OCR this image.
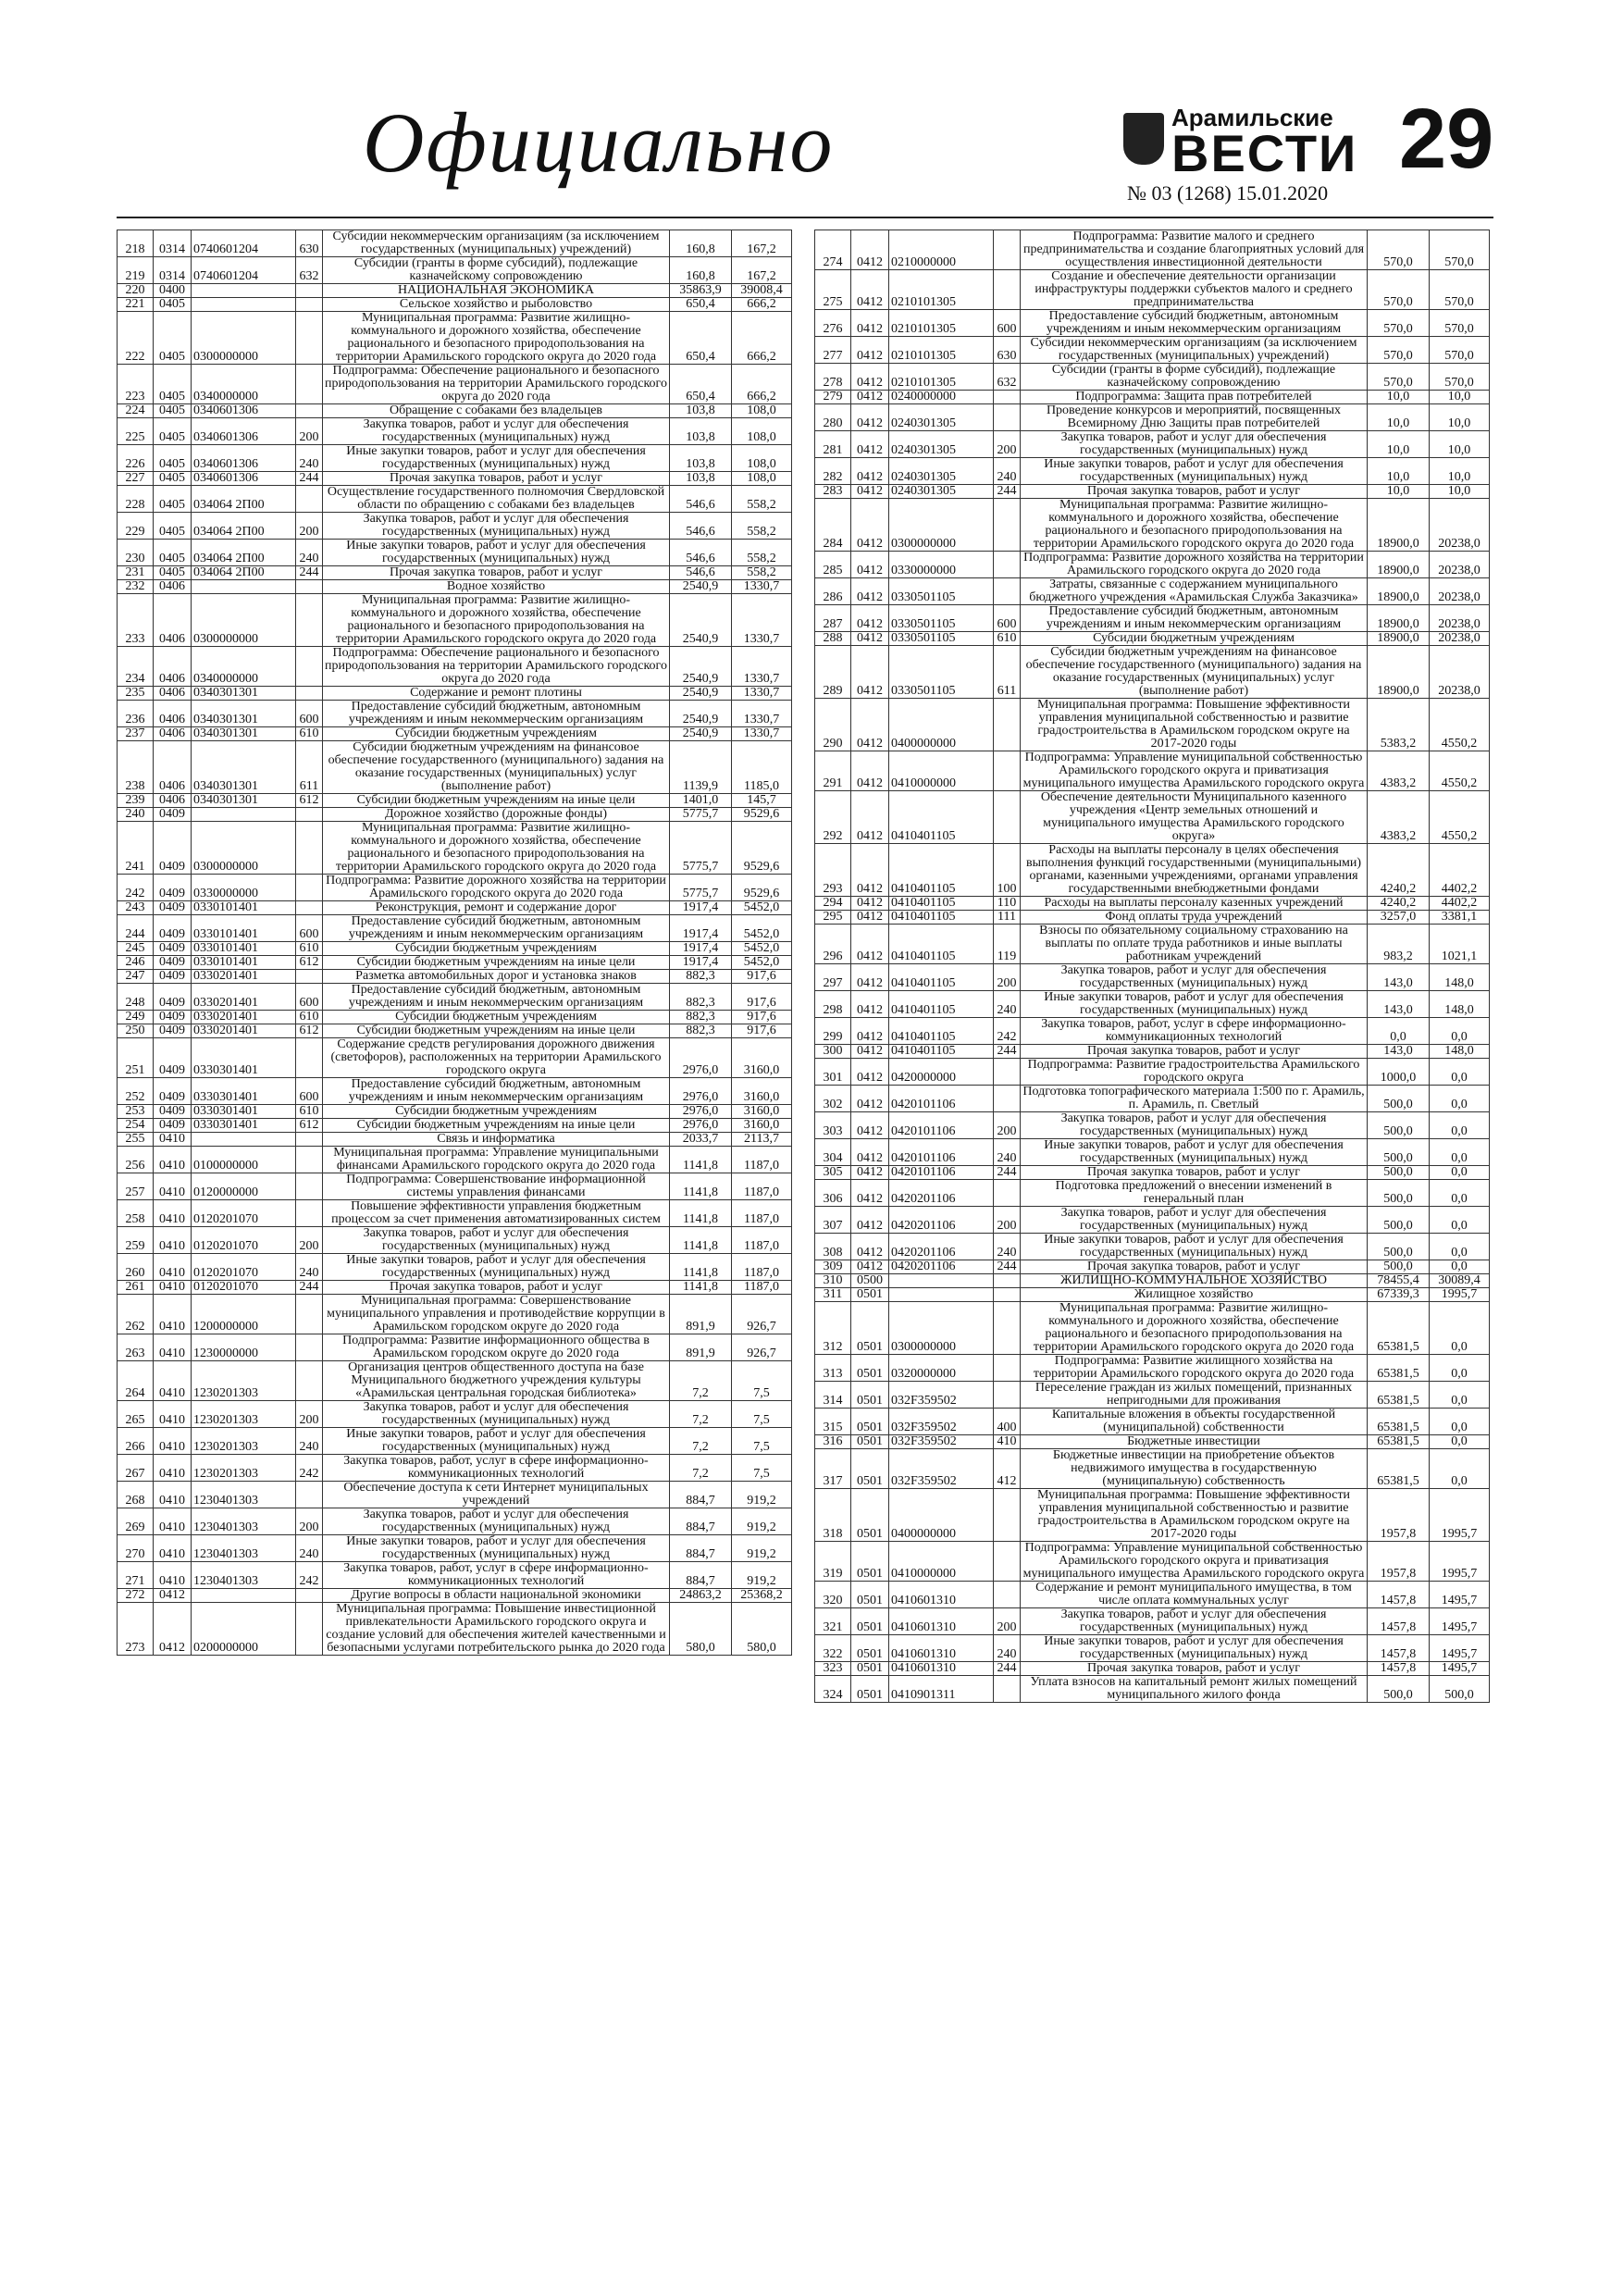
Официально	Арамильские
ВЕСТИ 29
№ 03 (1268) 15.01.2020
218	0314	0740601204	630	Субсидии некоммерческим организациям (за исключением государственных (муниципальных) учреждений)	160,8	167,2
219	0314	0740601204	632	Субсидии (гранты в форме субсидий), подлежащие казначейскому сопровождению	160,8	167,2
220	0400			НАЦИОНАЛЬНАЯ ЭКОНОМИКА	35863,9	39008,4
221	0405			Сельское хозяйство и рыболовство	650,4	666,2
222	0405	0300000000		Муниципальная программа: Развитие жилищно-коммунального и дорожного хозяйства, обеспечение рационального и безопасного природопользования на территории Арамильского городского округа до 2020 года	650,4	666,2
223	0405	0340000000		Подпрограмма: Обеспечение рационального и безопасного природопользования на территории Арамильского городского округа до 2020 года	650,4	666,2
224	0405	0340601306		Обращение с собаками без владельцев	103,8	108,0
225	0405	0340601306	200	Закупка товаров, работ и услуг для обеспечения государственных (муниципальных) нужд	103,8	108,0
226	0405	0340601306	240	Иные закупки товаров, работ и услуг для обеспечения государственных (муниципальных) нужд	103,8	108,0
227	0405	0340601306	244	Прочая закупка товаров, работ и услуг	103,8	108,0
228	0405	034064 2П00		Осуществление государственного полномочия Свердловской области по обращению с собаками без владельцев	546,6	558,2
229	0405	034064 2П00	200	Закупка товаров, работ и услуг для обеспечения государственных (муниципальных) нужд	546,6	558,2
230	0405	034064 2П00	240	Иные закупки товаров, работ и услуг для обеспечения государственных (муниципальных) нужд	546,6	558,2
231	0405	034064 2П00	244	Прочая закупка товаров, работ и услуг	546,6	558,2
232	0406			Водное хозяйство	2540,9	1330,7
233	0406	0300000000		Муниципальная программа: Развитие жилищно-коммунального и дорожного хозяйства, обеспечение рационального и безопасного природопользования на территории Арамильского городского округа до 2020 года	2540,9	1330,7
234	0406	0340000000		Подпрограмма: Обеспечение рационального и безопасного природопользования на территории Арамильского городского округа до 2020 года	2540,9	1330,7
235	0406	0340301301		Содержание и ремонт плотины	2540,9	1330,7
236	0406	0340301301	600	Предоставление субсидий бюджетным, автономным учреждениям и иным некоммерческим организациям	2540,9	1330,7
237	0406	0340301301	610	Субсидии бюджетным учреждениям	2540,9	1330,7
238	0406	0340301301	611	Субсидии бюджетным учреждениям на финансовое обеспечение государственного (муниципального) задания на оказание государственных (муниципальных) услуг (выполнение работ)	1139,9	1185,0
239	0406	0340301301	612	Субсидии бюджетным учреждениям на иные цели	1401,0	145,7
240	0409			Дорожное хозяйство (дорожные фонды)	5775,7	9529,6
241	0409	0300000000		Муниципальная программа: Развитие жилищно-коммунального и дорожного хозяйства, обеспечение рационального и безопасного природопользования на территории Арамильского городского округа до 2020 года	5775,7	9529,6
242	0409	0330000000		Подпрограмма: Развитие дорожного хозяйства на территории Арамильского городского округа до 2020 года	5775,7	9529,6
243	0409	0330101401		Реконструкция, ремонт и содержание дорог	1917,4	5452,0
244	0409	0330101401	600	Предоставление субсидий бюджетным, автономным учреждениям и иным некоммерческим организациям	1917,4	5452,0
245	0409	0330101401	610	Субсидии бюджетным учреждениям	1917,4	5452,0
246	0409	0330101401	612	Субсидии бюджетным учреждениям на иные цели	1917,4	5452,0
247	0409	0330201401		Разметка автомобильных дорог и установка знаков	882,3	917,6
248	0409	0330201401	600	Предоставление субсидий бюджетным, автономным учреждениям и иным некоммерческим организациям	882,3	917,6
249	0409	0330201401	610	Субсидии бюджетным учреждениям	882,3	917,6
250	0409	0330201401	612	Субсидии бюджетным учреждениям на иные цели	882,3	917,6
251	0409	0330301401		Содержание средств регулирования дорожного движения (светофоров), расположенных на территории Арамильского городского округа	2976,0	3160,0
252	0409	0330301401	600	Предоставление субсидий бюджетным, автономным учреждениям и иным некоммерческим организациям	2976,0	3160,0
253	0409	0330301401	610	Субсидии бюджетным учреждениям	2976,0	3160,0
254	0409	0330301401	612	Субсидии бюджетным учреждениям на иные цели	2976,0	3160,0
255	0410			Связь и информатика	2033,7	2113,7
256	0410	0100000000		Муниципальная программа: Управление муниципальными финансами Арамильского городского округа до 2020 года	1141,8	1187,0
257	0410	0120000000		Подпрограмма: Совершенствование информационной системы управления финансами	1141,8	1187,0
258	0410	0120201070		Повышение эффективности управления бюджетным процессом за счет применения автоматизированных систем	1141,8	1187,0
259	0410	0120201070	200	Закупка товаров, работ и услуг для обеспечения государственных (муниципальных) нужд	1141,8	1187,0
260	0410	0120201070	240	Иные закупки товаров, работ и услуг для обеспечения государственных (муниципальных) нужд	1141,8	1187,0
261	0410	0120201070	244	Прочая закупка товаров, работ и услуг	1141,8	1187,0
262	0410	1200000000		Муниципальная программа: Совершенствование муниципального управления и противодействие коррупции в Арамильском городском округе до 2020 года	891,9	926,7
263	0410	1230000000		Подпрограмма: Развитие информационного общества в Арамильском городском округе до 2020 года	891,9	926,7
264	0410	1230201303		Организация центров общественного доступа на базе Муниципального бюджетного учреждения культуры «Арамильская центральная городская библиотека»	7,2	7,5
265	0410	1230201303	200	Закупка товаров, работ и услуг для обеспечения государственных (муниципальных) нужд	7,2	7,5
266	0410	1230201303	240	Иные закупки товаров, работ и услуг для обеспечения государственных (муниципальных) нужд	7,2	7,5
267	0410	1230201303	242	Закупка товаров, работ, услуг в сфере информационно-коммуникационных технологий	7,2	7,5
268	0410	1230401303		Обеспечение доступа к сети Интернет муниципальных учреждений	884,7	919,2
269	0410	1230401303	200	Закупка товаров, работ и услуг для обеспечения государственных (муниципальных) нужд	884,7	919,2
270	0410	1230401303	240	Иные закупки товаров, работ и услуг для обеспечения государственных (муниципальных) нужд	884,7	919,2
271	0410	1230401303	242	Закупка товаров, работ, услуг в сфере информационно-коммуникационных технологий	884,7	919,2
272	0412			Другие вопросы в области национальной экономики	24863,2	25368,2
273	0412	0200000000		Муниципальная программа: Повышение инвестиционной привлекательности Арамильского городского округа и создание условий для обеспечения жителей качественными и безопасными услугами потребительского рынка до 2020 года	580,0	580,0
274	0412	0210000000		Подпрограмма: Развитие малого и среднего предпринимательства и создание благоприятных условий для осуществления инвестиционной деятельности	570,0	570,0
275	0412	0210101305		Создание и обеспечение деятельности организации инфраструктуры поддержки субъектов малого и среднего предпринимательства	570,0	570,0
276	0412	0210101305	600	Предоставление субсидий бюджетным, автономным учреждениям и иным некоммерческим организациям	570,0	570,0
277	0412	0210101305	630	Субсидии некоммерческим организациям (за исключением государственных (муниципальных) учреждений)	570,0	570,0
278	0412	0210101305	632	Субсидии (гранты в форме субсидий), подлежащие казначейскому сопровождению	570,0	570,0
279	0412	0240000000		Подпрограмма: Защита прав потребителей	10,0	10,0
280	0412	0240301305		Проведение конкурсов и мероприятий, посвященных Всемирному Дню Защиты прав потребителей	10,0	10,0
281	0412	0240301305	200	Закупка товаров, работ и услуг для обеспечения государственных (муниципальных) нужд	10,0	10,0
282	0412	0240301305	240	Иные закупки товаров, работ и услуг для обеспечения государственных (муниципальных) нужд	10,0	10,0
283	0412	0240301305	244	Прочая закупка товаров, работ и услуг	10,0	10,0
284	0412	0300000000		Муниципальная программа: Развитие жилищно-коммунального и дорожного хозяйства, обеспечение рационального и безопасного природопользования на территории Арамильского городского округа до 2020 года	18900,0	20238,0
285	0412	0330000000		Подпрограмма: Развитие дорожного хозяйства на территории Арамильского городского округа до 2020 года	18900,0	20238,0
286	0412	0330501105		Затраты, связанные с содержанием муниципального бюджетного учреждения «Арамильская Служба Заказчика»	18900,0	20238,0
287	0412	0330501105	600	Предоставление субсидий бюджетным, автономным учреждениям и иным некоммерческим организациям	18900,0	20238,0
288	0412	0330501105	610	Субсидии бюджетным учреждениям	18900,0	20238,0
289	0412	0330501105	611	Субсидии бюджетным учреждениям на финансовое обеспечение государственного (муниципального) задания на оказание государственных (муниципальных) услуг (выполнение работ)	18900,0	20238,0
290	0412	0400000000		Муниципальная программа: Повышение эффективности управления муниципальной собственностью и развитие градостроительства в Арамильском городском округе на 2017-2020 годы	5383,2	4550,2
291	0412	0410000000		Подпрограмма: Управление муниципальной собственностью Арамильского городского округа и приватизация муниципального имущества Арамильского городского округа	4383,2	4550,2
292	0412	0410401105		Обеспечение деятельности Муниципального казенного учреждения «Центр земельных отношений и муниципального имущества Арамильского городского округа»	4383,2	4550,2
293	0412	0410401105	100	Расходы на выплаты персоналу в целях обеспечения выполнения функций государственными (муниципальными) органами, казенными учреждениями, органами управления государственными внебюджетными фондами	4240,2	4402,2
294	0412	0410401105	110	Расходы на выплаты персоналу казенных учреждений	4240,2	4402,2
295	0412	0410401105	111	Фонд оплаты труда учреждений	3257,0	3381,1
296	0412	0410401105	119	Взносы по обязательному социальному страхованию на выплаты по оплате труда работников и иные выплаты работникам учреждений	983,2	1021,1
297	0412	0410401105	200	Закупка товаров, работ и услуг для обеспечения государственных (муниципальных) нужд	143,0	148,0
298	0412	0410401105	240	Иные закупки товаров, работ и услуг для обеспечения государственных (муниципальных) нужд	143,0	148,0
299	0412	0410401105	242	Закупка товаров, работ, услуг в сфере информационно-коммуникационных технологий	0,0	0,0
300	0412	0410401105	244	Прочая закупка товаров, работ и услуг	143,0	148,0
301	0412	0420000000		Подпрограмма: Развитие градостроительства Арамильского городского округа	1000,0	0,0
302	0412	0420101106		Подготовка топографического материала 1:500 по г. Арамиль, п. Арамиль, п. Светлый	500,0	0,0
303	0412	0420101106	200	Закупка товаров, работ и услуг для обеспечения государственных (муниципальных) нужд	500,0	0,0
304	0412	0420101106	240	Иные закупки товаров, работ и услуг для обеспечения государственных (муниципальных) нужд	500,0	0,0
305	0412	0420101106	244	Прочая закупка товаров, работ и услуг	500,0	0,0
306	0412	0420201106		Подготовка предложений о внесении изменений в генеральный план	500,0	0,0
307	0412	0420201106	200	Закупка товаров, работ и услуг для обеспечения государственных (муниципальных) нужд	500,0	0,0
308	0412	0420201106	240	Иные закупки товаров, работ и услуг для обеспечения государственных (муниципальных) нужд	500,0	0,0
309	0412	0420201106	244	Прочая закупка товаров, работ и услуг	500,0	0,0
310	0500			ЖИЛИЩНО-КОММУНАЛЬНОЕ ХОЗЯЙСТВО	78455,4	30089,4
311	0501			Жилищное хозяйство	67339,3	1995,7
312	0501	0300000000		Муниципальная программа: Развитие жилищно-коммунального и дорожного хозяйства, обеспечение рационального и безопасного природопользования на территории Арамильского городского округа до 2020 года	65381,5	0,0
313	0501	0320000000		Подпрограмма: Развитие жилищного хозяйства на территории Арамильского городского округа до 2020 года	65381,5	0,0
314	0501	032F359502		Переселение граждан из жилых помещений, признанных непригодными для проживания	65381,5	0,0
315	0501	032F359502	400	Капитальные вложения в объекты государственной (муниципальной) собственности	65381,5	0,0
316	0501	032F359502	410	Бюджетные инвестиции	65381,5	0,0
317	0501	032F359502	412	Бюджетные инвестиции на приобретение объектов недвижимого имущества в государственную (муниципальную) собственность	65381,5	0,0
318	0501	0400000000		Муниципальная программа: Повышение эффективности управления муниципальной собственностью и развитие градостроительства в Арамильском городском округе на 2017-2020 годы	1957,8	1995,7
319	0501	0410000000		Подпрограмма: Управление муниципальной собственностью Арамильского городского округа и приватизация муниципального имущества Арамильского городского округа	1957,8	1995,7
320	0501	0410601310		Содержание и ремонт муниципального имущества, в том числе оплата коммунальных услуг	1457,8	1495,7
321	0501	0410601310	200	Закупка товаров, работ и услуг для обеспечения государственных (муниципальных) нужд	1457,8	1495,7
322	0501	0410601310	240	Иные закупки товаров, работ и услуг для обеспечения государственных (муниципальных) нужд	1457,8	1495,7
323	0501	0410601310	244	Прочая закупка товаров, работ и услуг	1457,8	1495,7
324	0501	0410901311		Уплата взносов на капитальный ремонт жилых помещений муниципального жилого фонда	500,0	500,0
